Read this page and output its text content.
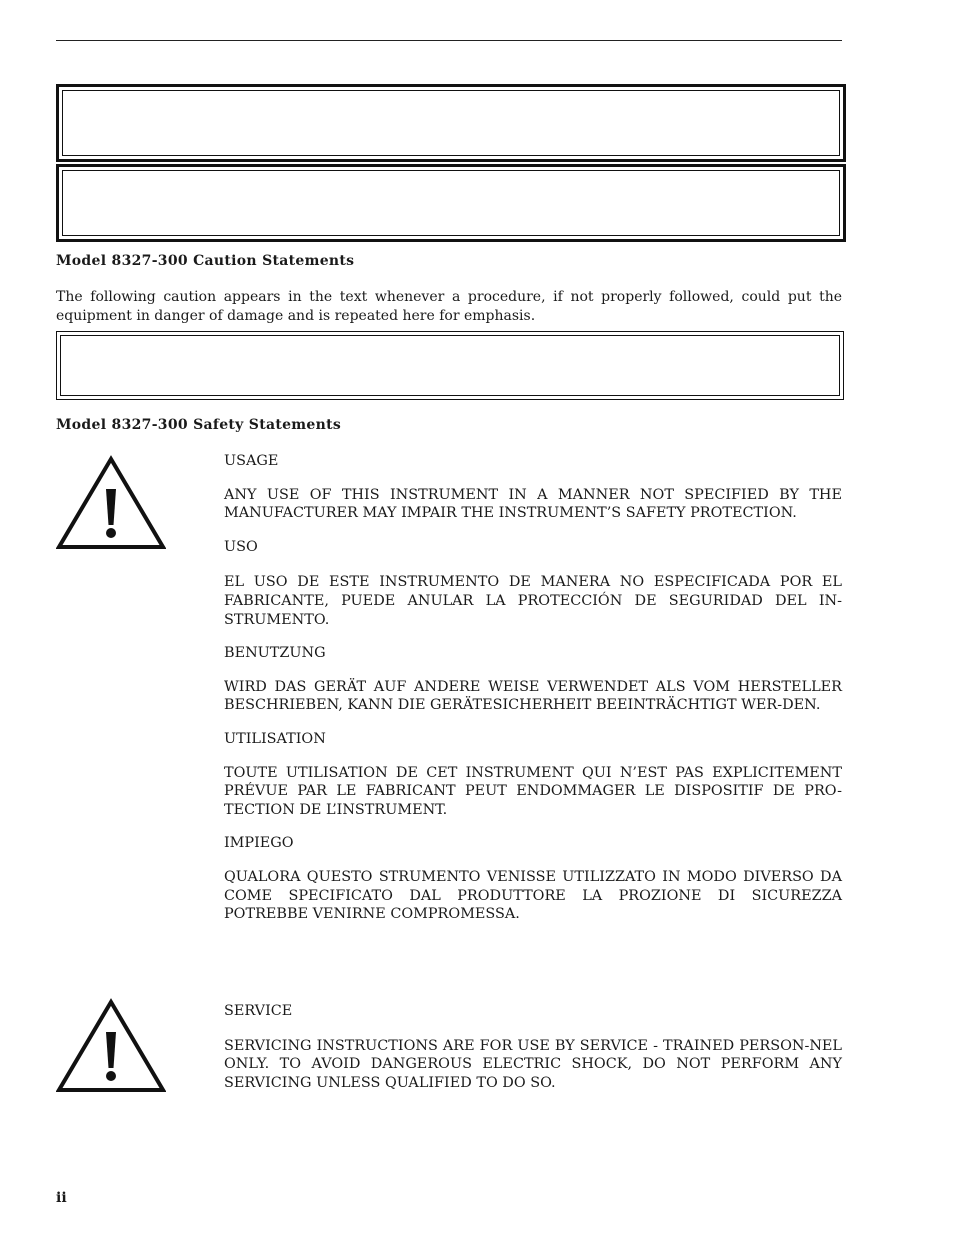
Model 8327-300 Caution Statements
The following caution appears in the text whenever a procedure, if not properly followed, could put the equipment in danger of damage and is repeated here for emphasis.
Model 8327-300 Safety Statements

USAGE

ANY USE OF THIS INSTRUMENT IN A MANNER NOT SPECIFIED BY THE MANUFACTURER MAY IMPAIR THE INSTRUMENT’S SAFETY PROTECTION.

USO

EL USO DE ESTE INSTRUMENTO DE MANERA NO ESPECIFICADA POR EL FABRICANTE, PUEDE ANULAR LA PROTECCIÓN DE SEGURIDAD DEL IN-STRUMENTO.

BENUTZUNG

WIRD DAS GERÄT AUF ANDERE WEISE VERWENDET ALS VOM HERSTELLER BESCHRIEBEN, KANN DIE GERÄTESICHERHEIT BEEINTRÄCHTIGT WER-DEN.

UTILISATION

TOUTE UTILISATION DE CET INSTRUMENT QUI N’EST PAS EXPLICITEMENT PRÉVUE PAR LE FABRICANT PEUT ENDOMMAGER LE DISPOSITIF DE PRO-TECTION DE L’INSTRUMENT.

IMPIEGO

QUALORA QUESTO STRUMENTO VENISSE UTILIZZATO IN MODO DIVERSO DA COME SPECIFICATO DAL PRODUTTORE LA PROZIONE DI SICUREZZA POTREBBE VENIRNE COMPROMESSA.

SERVICE

SERVICING INSTRUCTIONS ARE FOR USE BY SERVICE - TRAINED PERSON-NEL ONLY. TO AVOID DANGEROUS ELECTRIC SHOCK, DO NOT PERFORM ANY SERVICING UNLESS QUALIFIED TO DO SO.

ii
